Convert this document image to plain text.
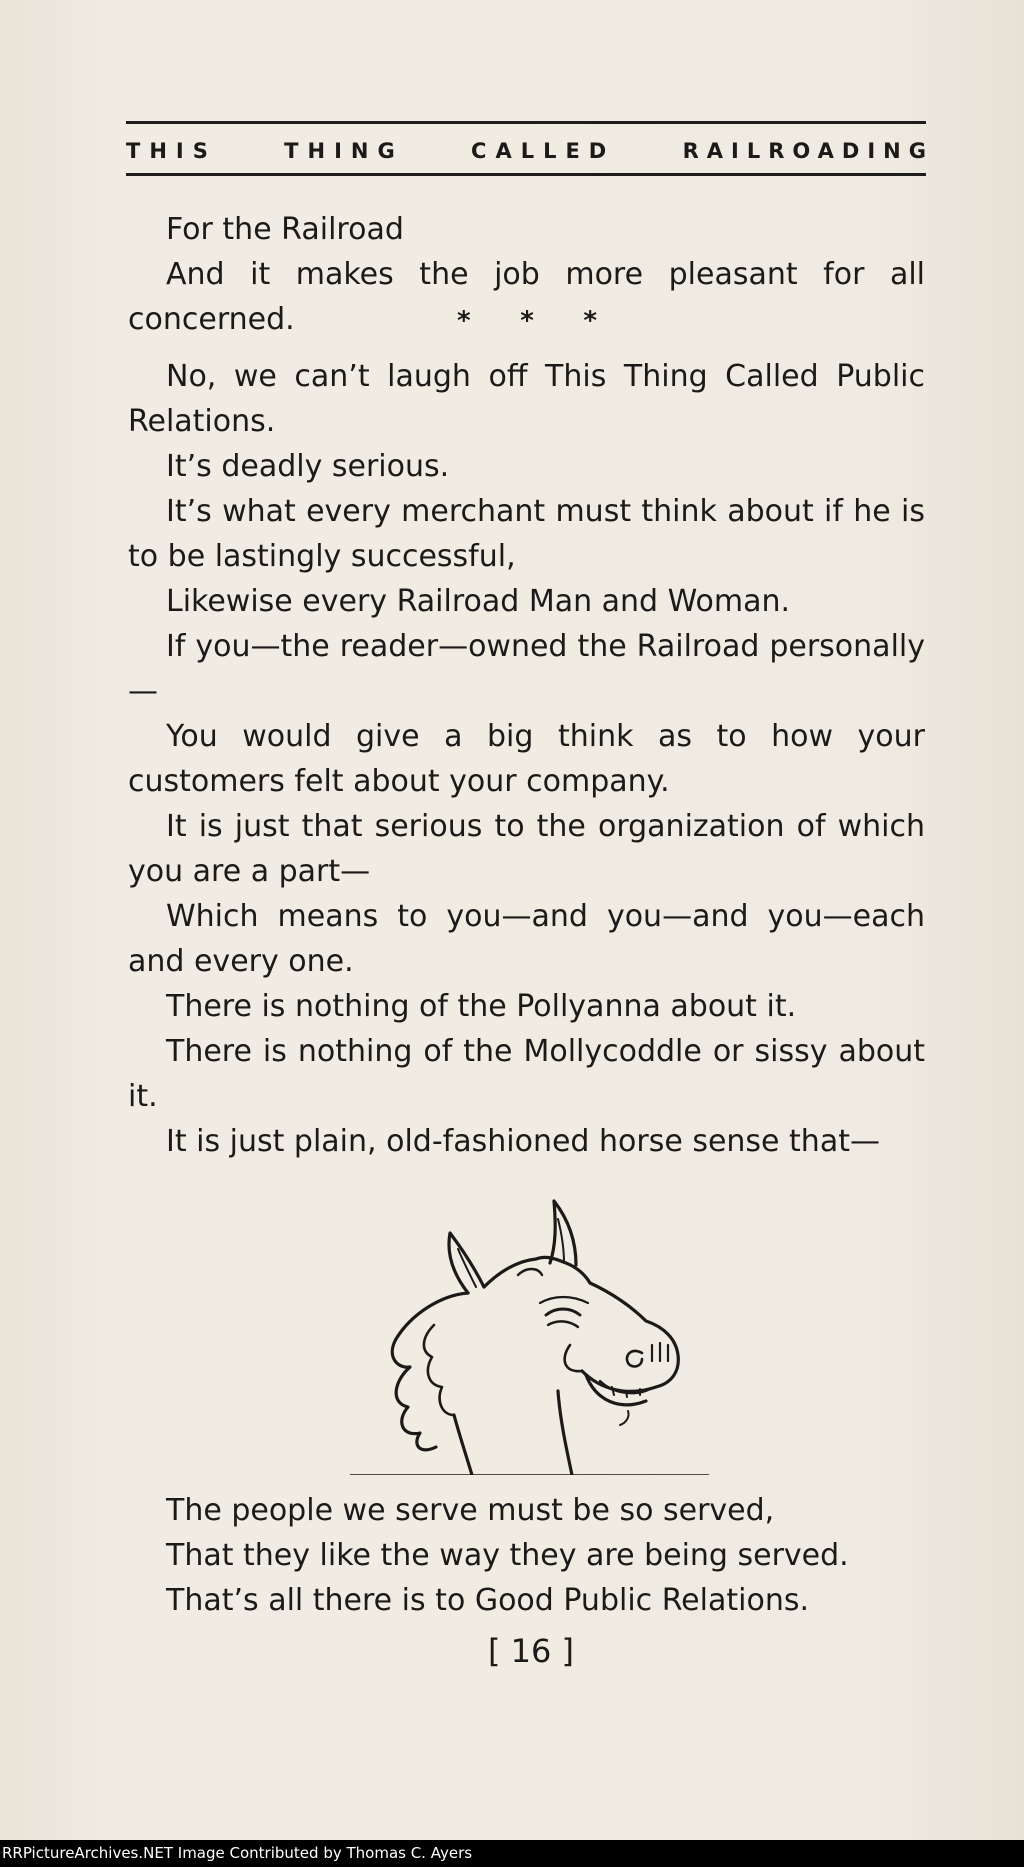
THIS	THING	CALLED	RAILROADING

For the Railroad

And it makes the job more pleasant for all concerned.

No, we can’t laugh off This Thing Called Public Relations.

It’s deadly serious.

It’s what every merchant must think about if he is to be lastingly successful,

Likewise every Railroad Man and Woman.

If you—the reader—owned the Railroad personally—

You would give a big think as to how your customers felt about your company.

It is just that serious to the organization of which you are a part—

Which means to you—and you—and you—each and every one.

There is nothing of the Pollyanna about it.

There is nothing of the Mollycoddle or sissy about it.

It is just plain, old-fashioned horse sense that—

* * *

The people we serve must be so served,

That they like the way they are being served.

That’s all there is to Good Public Relations.

[ 16 ]
RRPictureArchives.NET Image Contributed by Thomas C. Ayers
